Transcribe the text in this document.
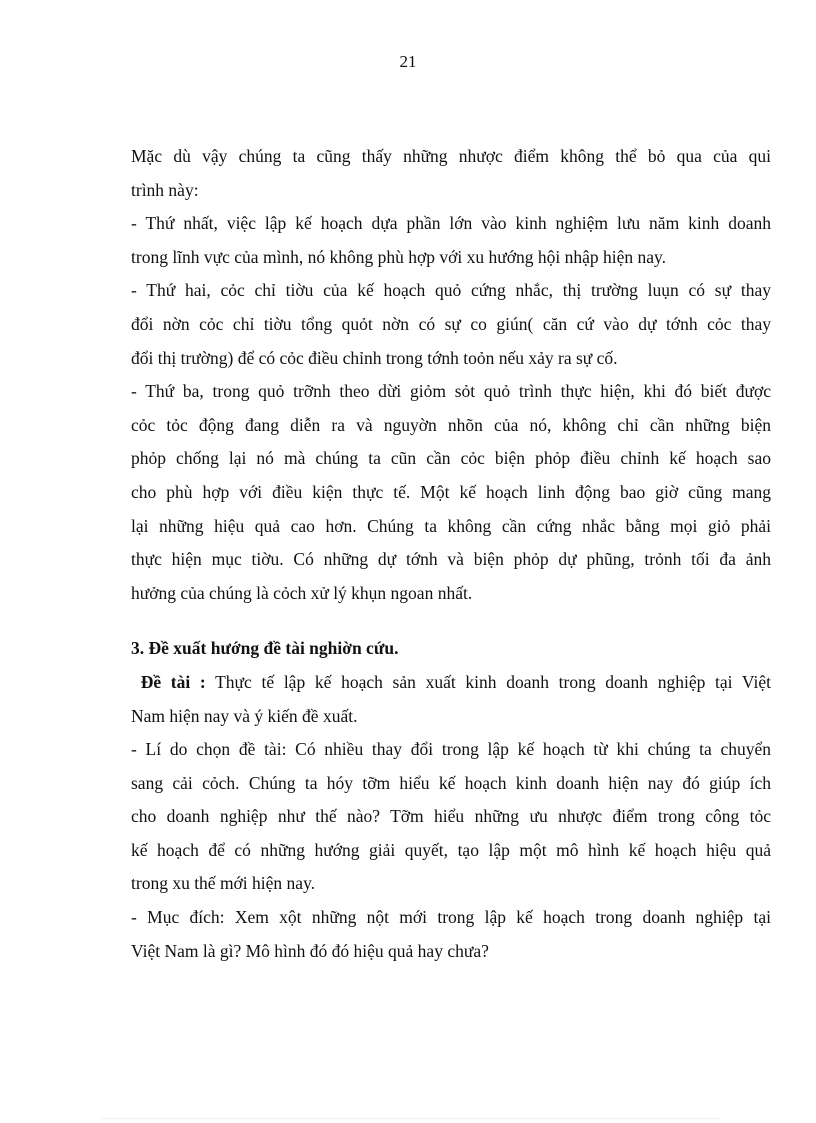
21
Mặc dù vậy chúng ta cũng thấy những nhược điểm không thể bỏ qua của qui
trình này:
- Thứ nhất, việc lập kế hoạch dựa phần lớn vào kinh nghiệm lưu năm kinh doanh
trong lĩnh vực của mình, nó không phù hợp với xu hướng hội nhập hiện nay.
- Thứ hai, cỏc chỉ tiờu của kế hoạch quỏ cứng nhắc, thị trường luụn có sự thay
đổi nờn cỏc chỉ tiờu tổng quỏt nờn có sự co giún( căn cứ vào dự tớnh cỏc thay
đổi thị trường) để có cỏc điều chỉnh trong tớnh toỏn nếu xảy ra sự cố.
- Thứ ba, trong quỏ trỡnh theo dừi giỏm sỏt quỏ trình thực hiện, khi đó biết được
cỏc tỏc động đang diễn ra và nguyờn nhõn của nó, không chỉ cần những biện
phỏp chống lại nó mà chúng ta cũn cần cỏc biện phỏp điều chỉnh kế hoạch sao
cho phù hợp với điều kiện thực tế. Một kế hoạch linh động bao giờ cũng mang
lại những hiệu quả cao hơn. Chúng ta không cần cứng nhắc bằng mọi giỏ phải
thực hiện mục tiờu. Có những dự tớnh và biện phỏp dự phũng, trỏnh tối đa ảnh
hưởng của chúng là cỏch xử lý khụn ngoan nhất.
3. Đề xuất hướng đề tài nghiờn cứu.
Đề tài : Thực tế lập kế hoạch sản xuất kinh doanh trong doanh nghiệp tại Việt
Nam hiện nay và ý kiến đề xuất.
- Lí do chọn đề tài: Có nhiều thay đổi trong lập kế hoạch từ khi chúng ta chuyển
sang cải cỏch. Chúng ta hóy tỡm hiểu kế hoạch kinh doanh hiện nay đó giúp ích
cho doanh nghiệp như thế nào? Tỡm hiểu những ưu nhược điểm trong công tỏc
kế hoạch để có những hướng giải quyết, tạo lập một mô hình kế hoạch hiệu quả
trong xu thế mới hiện nay.
- Mục đích: Xem xột những nột mới trong lập kế hoạch trong doanh nghiệp tại
Việt Nam là gì? Mô hình đó đó hiệu quả hay chưa?
